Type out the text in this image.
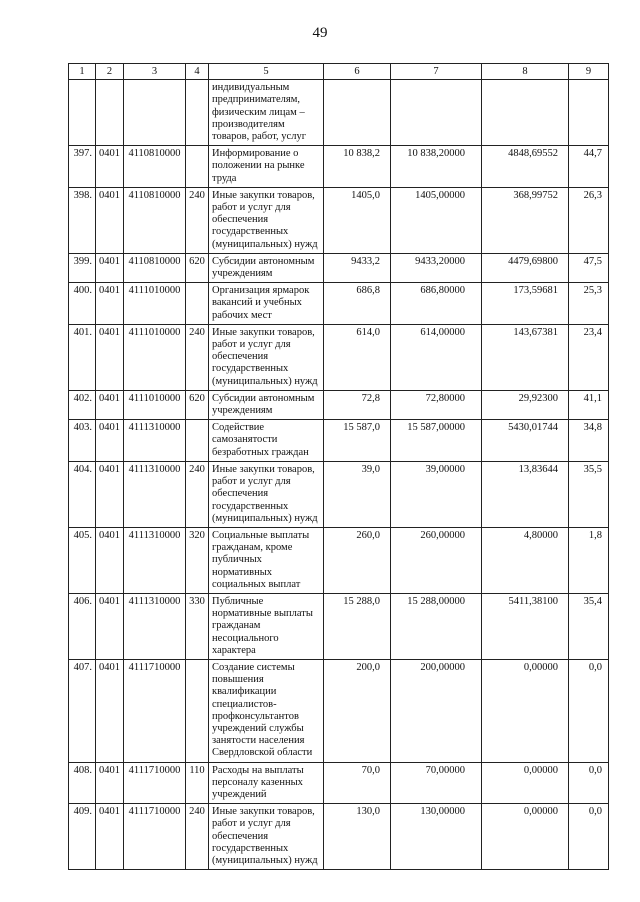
49
1	2	3	4	5	6	7	8	9
				индивидуальным предпринимателям, физическим лицам – производителям товаров, работ, услуг				
397.	0401	4110810000		Информирование о положении на рынке труда	10 838,2	10 838,20000	4848,69552	44,7
398.	0401	4110810000	240	Иные закупки товаров, работ и услуг для обеспечения государственных (муниципальных) нужд	1405,0	1405,00000	368,99752	26,3
399.	0401	4110810000	620	Субсидии автономным учреждениям	9433,2	9433,20000	4479,69800	47,5
400.	0401	4111010000		Организация ярмарок вакансий и учебных рабочих мест	686,8	686,80000	173,59681	25,3
401.	0401	4111010000	240	Иные закупки товаров, работ и услуг для обеспечения государственных (муниципальных) нужд	614,0	614,00000	143,67381	23,4
402.	0401	4111010000	620	Субсидии автономным учреждениям	72,8	72,80000	29,92300	41,1
403.	0401	4111310000		Содействие самозанятости безработных граждан	15 587,0	15 587,00000	5430,01744	34,8
404.	0401	4111310000	240	Иные закупки товаров, работ и услуг для обеспечения государственных (муниципальных) нужд	39,0	39,00000	13,83644	35,5
405.	0401	4111310000	320	Социальные выплаты гражданам, кроме публичных нормативных социальных выплат	260,0	260,00000	4,80000	1,8
406.	0401	4111310000	330	Публичные нормативные выплаты гражданам несоциального характера	15 288,0	15 288,00000	5411,38100	35,4
407.	0401	4111710000		Создание системы повышения квалификации специалистов-профконсультантов учреждений службы занятости населения Свердловской области	200,0	200,00000	0,00000	0,0
408.	0401	4111710000	110	Расходы на выплаты персоналу казенных учреждений	70,0	70,00000	0,00000	0,0
409.	0401	4111710000	240	Иные закупки товаров, работ и услуг для обеспечения государственных (муниципальных) нужд	130,0	130,00000	0,00000	0,0
